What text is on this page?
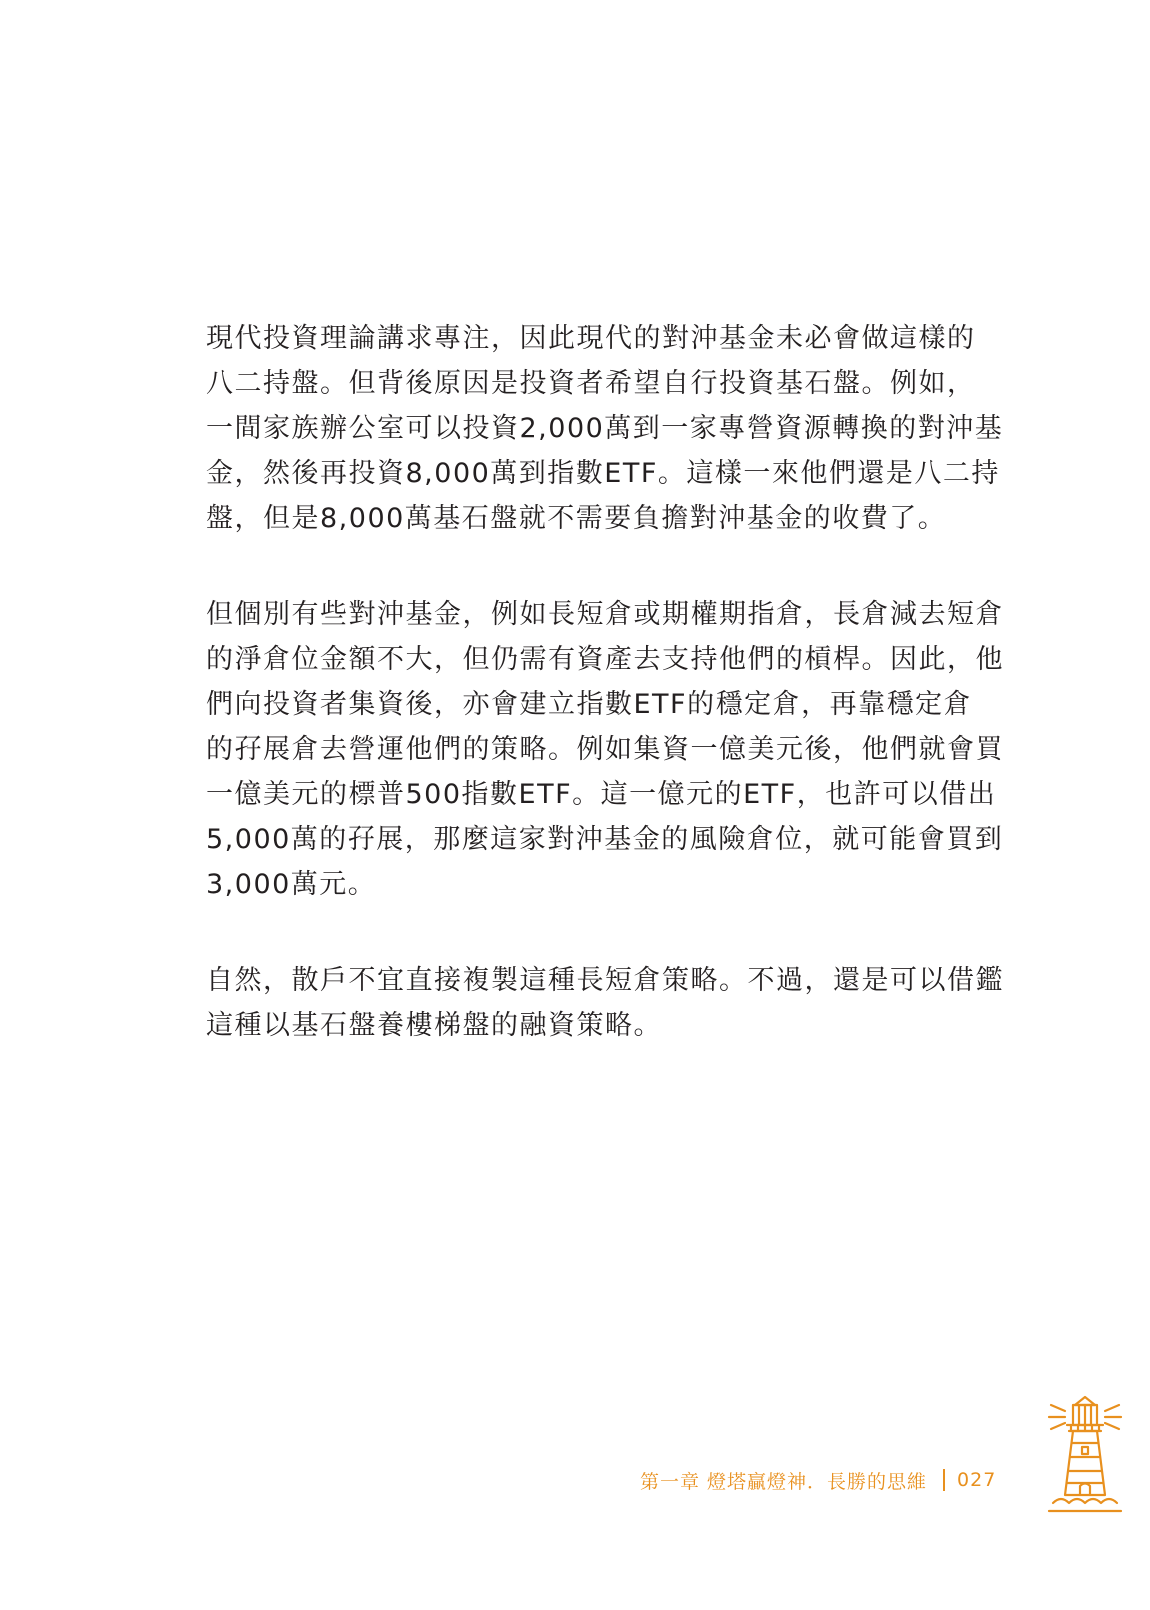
現代投資理論講求專注，因此現代的對沖基金未必會做這樣的
八二持盤。但背後原因是投資者希望自行投資基石盤。例如，
一間家族辦公室可以投資2,000萬到一家專營資源轉換的對沖基
金，然後再投資8,000萬到指數ETF。這樣一來他們還是八二持
盤，但是8,000萬基石盤就不需要負擔對沖基金的收費了。

但個別有些對沖基金，例如長短倉或期權期指倉，長倉減去短倉
的淨倉位金額不大，但仍需有資產去支持他們的槓桿。因此，他
們向投資者集資後，亦會建立指數ETF的穩定倉，再靠穩定倉
的孖展倉去營運他們的策略。例如集資一億美元後，他們就會買
一億美元的標普500指數ETF。這一億元的ETF，也許可以借出
5,000萬的孖展，那麼這家對沖基金的風險倉位，就可能會買到
3,000萬元。

自然，散戶不宜直接複製這種長短倉策略。不過，還是可以借鑑
這種以基石盤養樓梯盤的融資策略。

第一章 燈塔贏燈神．長勝的思維 027
